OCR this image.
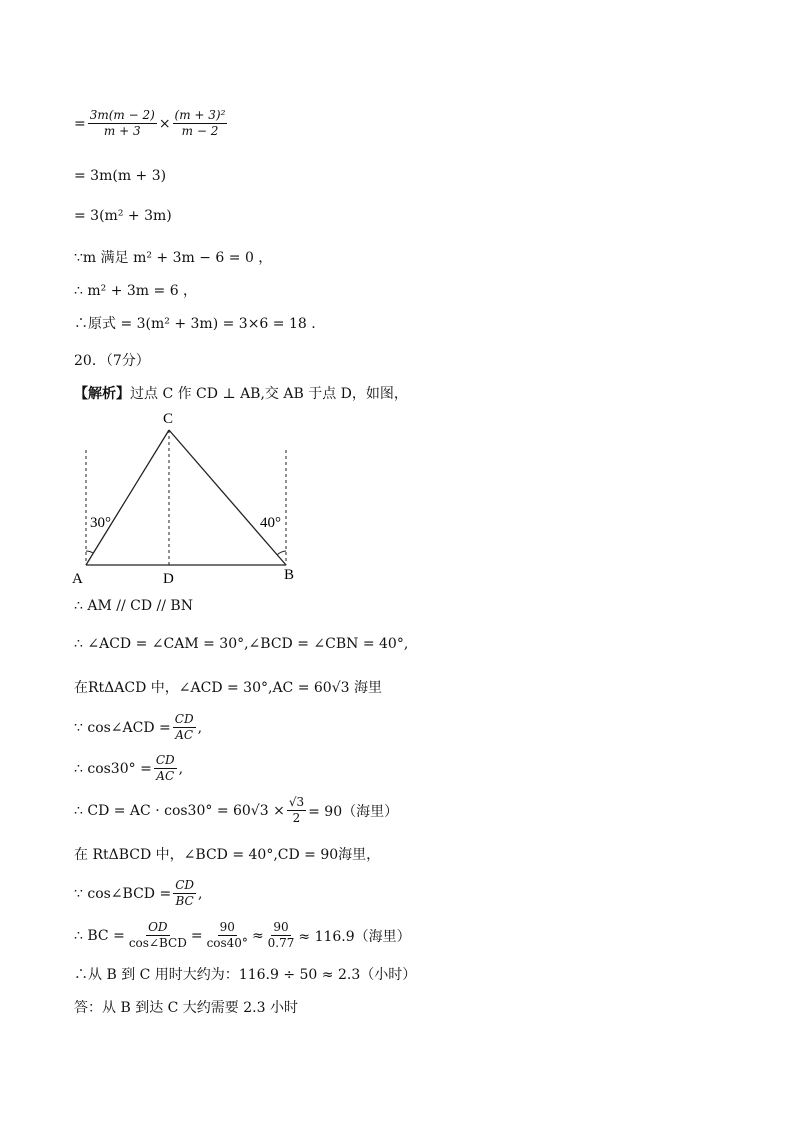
= $\frac{3m(m - 2)}{m + 3} \times \frac{\text{(m + 3)²}}{m - 2}$
= 3m(m + 3)
= 3(m² + 3m)
∵m 满足 m² + 3m − 6 = 0 ，
∴ m² + 3m = 6 ，
∴原式 = 3(m² + 3m) = 3×6 = 18 .
20．（7分）
【解析】 过点 C 作 CD ⊥ AB,交 AB 于点 D，如图，
C
A	D	B
30°	40°
∴ AM // CD // BN
∴ ∠ACD = ∠CAM = 30°,∠BCD = ∠CBN = 40°,
在RtΔACD 中，∠ACD = 30°,AC = 60√3 海里
∵ cos∠ACD = $\frac{CD}{AC}$ ,
∴ $\cos 30^\circ = \frac{CD}{AC}$ ,
∴ CD = AC · $\cos 30^\circ = 60√3 \times \frac{√3}{2} = 90$（海里）
在 RtΔBCD 中，∠BCD = 40°,CD = 90海里，
∵ cos∠BCD = $\frac{CD}{BC}$ ,
∴ BC = $\frac{OD}{\text{cos∠BCD}} = \frac{90}{\cos 40^\circ} \approx \frac{90}{0.77} \approx 116.9$（海里）
∴从 B 到 C 用时大约为：116.9 ÷ 50 ≈ 2.3（小时）
答：从 B 到达 C 大约需要 2.3 小时
